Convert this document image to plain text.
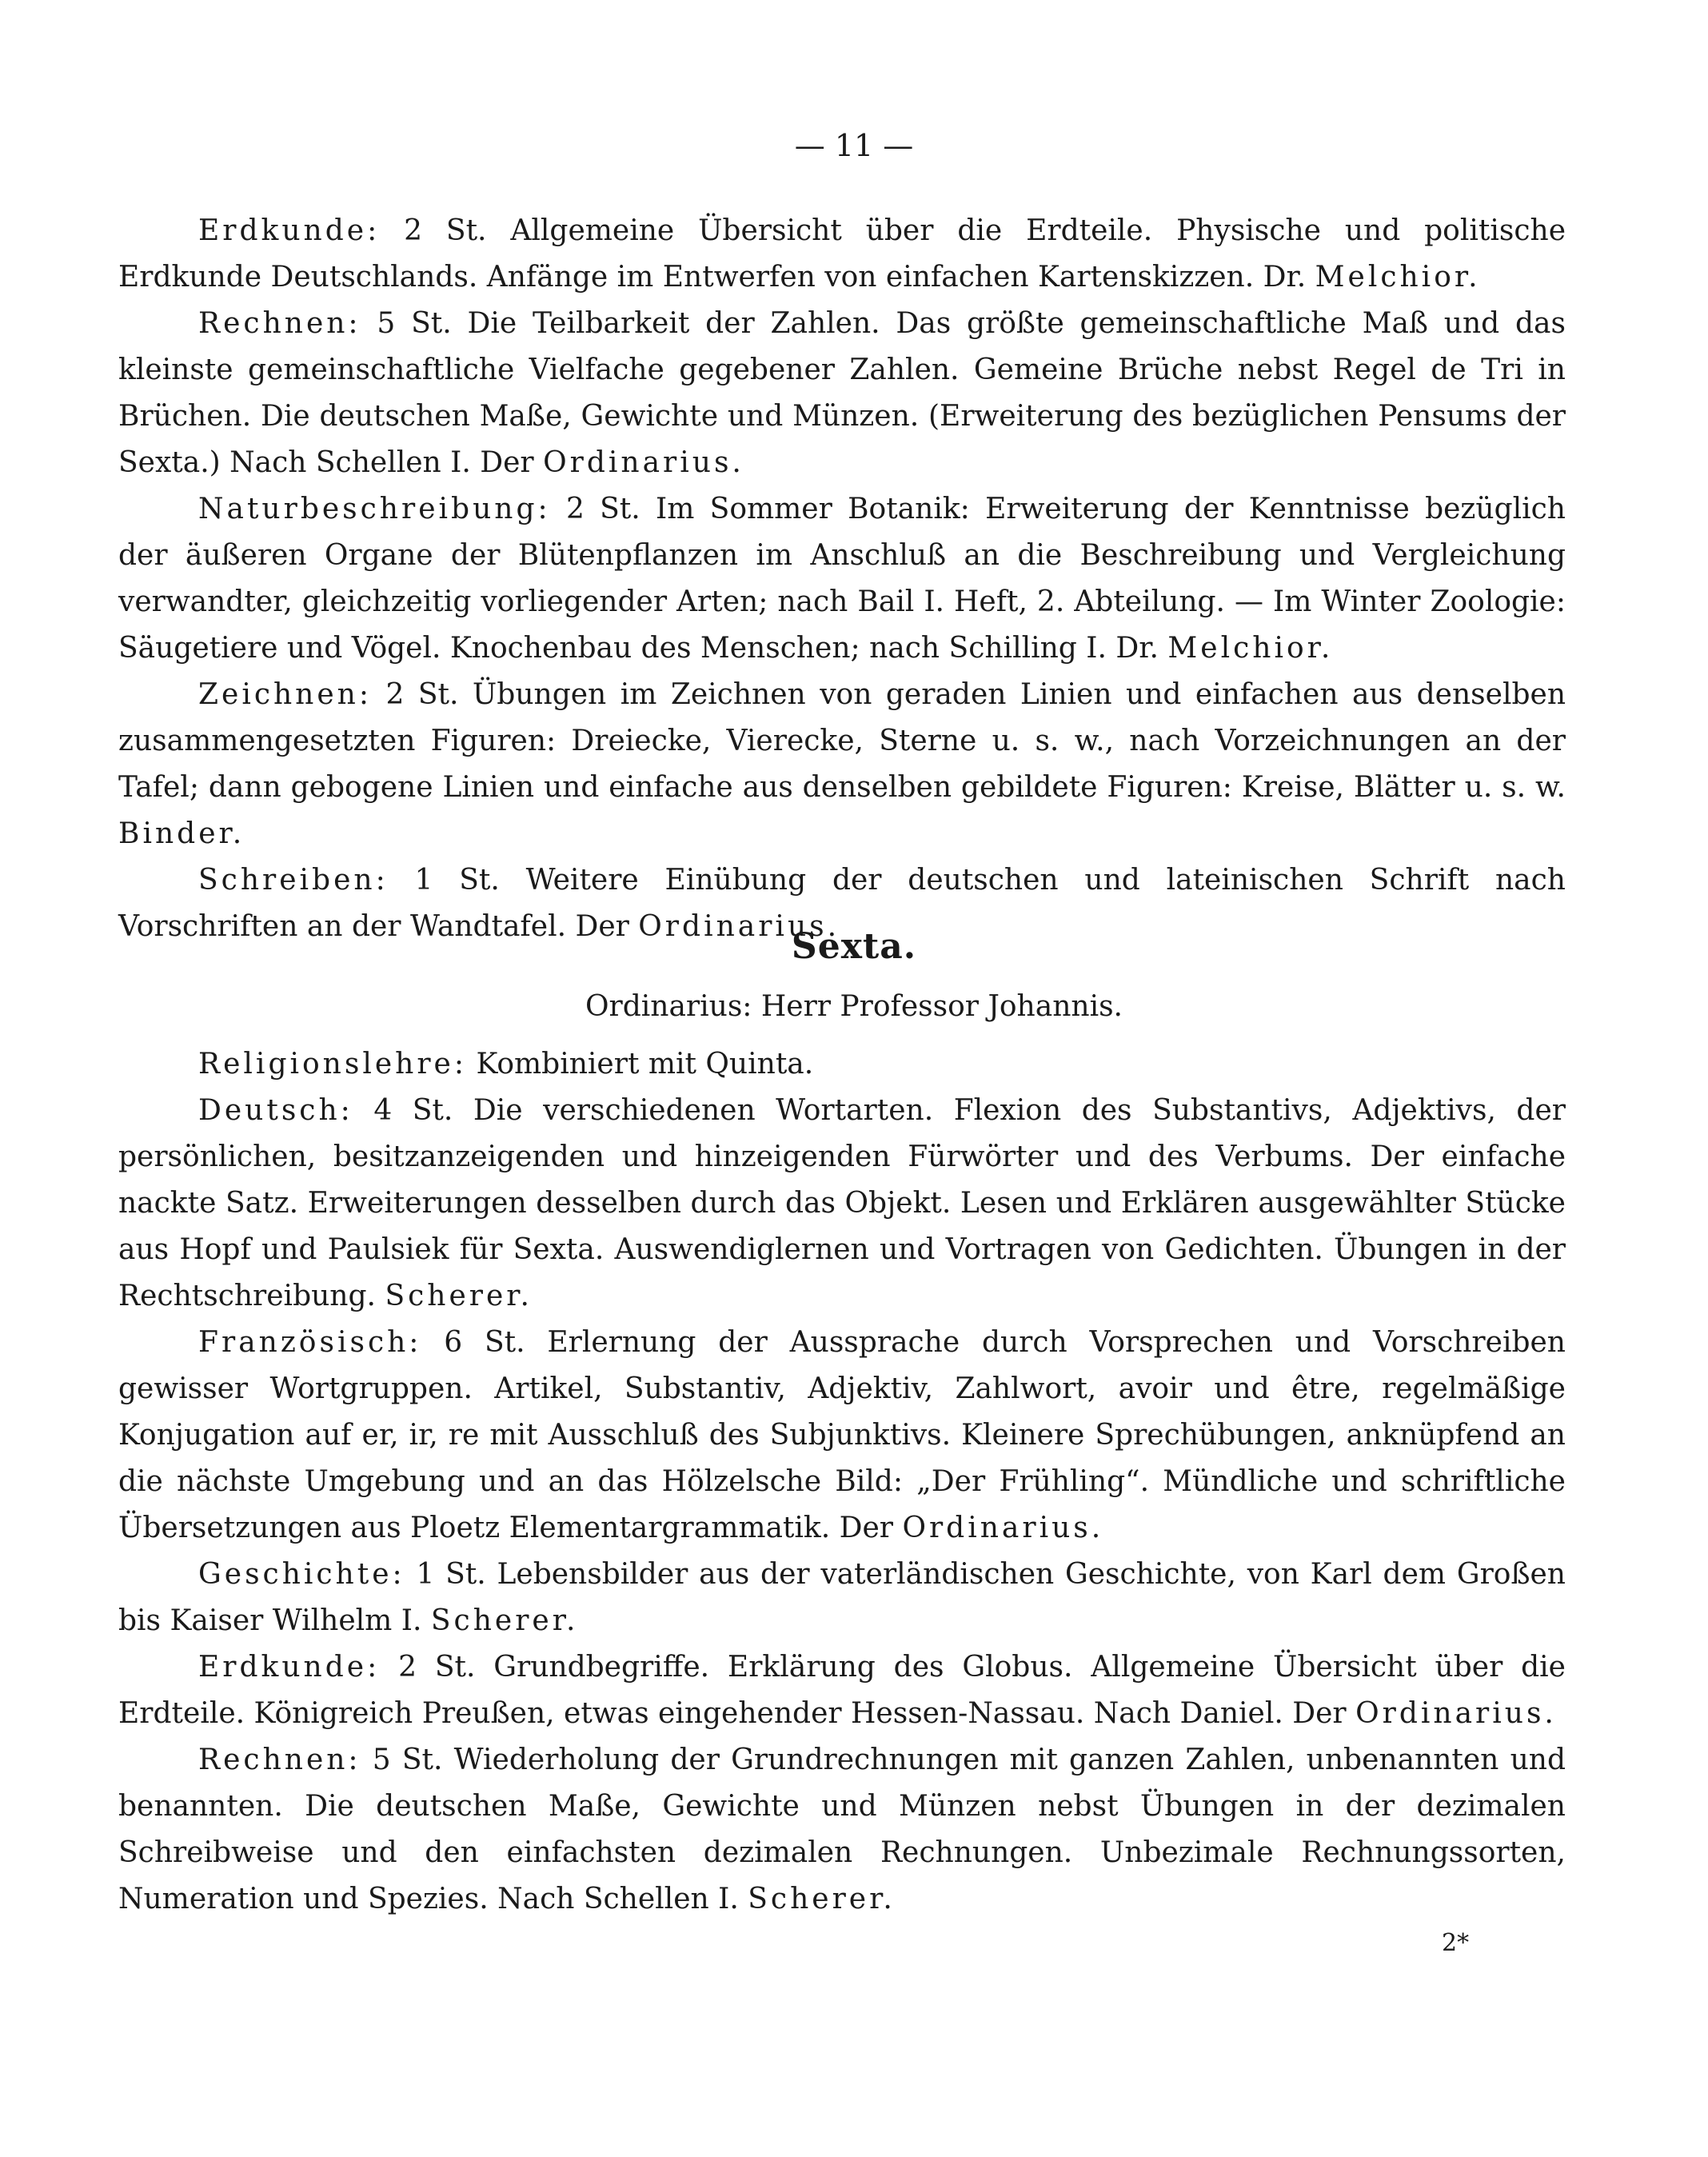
— 11 —

Erdkunde: 2 St. Allgemeine Übersicht über die Erdteile. Physische und politische Erdkunde Deutschlands. Anfänge im Entwerfen von einfachen Kartenskizzen. Dr. Melchior.

Rechnen: 5 St. Die Teilbarkeit der Zahlen. Das größte gemeinschaftliche Maß und das kleinste gemeinschaftliche Vielfache gegebener Zahlen. Gemeine Brüche nebst Regel de Tri in Brüchen. Die deutschen Maße, Gewichte und Münzen. (Erweiterung des bezüglichen Pensums der Sexta.) Nach Schellen I. Der Ordinarius.

Naturbeschreibung: 2 St. Im Sommer Botanik: Erweiterung der Kenntnisse bezüglich der äußeren Organe der Blütenpflanzen im Anschluß an die Beschreibung und Vergleichung verwandter, gleichzeitig vorliegender Arten; nach Bail I. Heft, 2. Abteilung. — Im Winter Zoologie: Säugetiere und Vögel. Knochenbau des Menschen; nach Schilling I. Dr. Melchior.

Zeichnen: 2 St. Übungen im Zeichnen von geraden Linien und einfachen aus denselben zusammengesetzten Figuren: Dreiecke, Vierecke, Sterne u. s. w., nach Vorzeichnungen an der Tafel; dann gebogene Linien und einfache aus denselben gebildete Figuren: Kreise, Blätter u. s. w. Binder.

Schreiben: 1 St. Weitere Einübung der deutschen und lateinischen Schrift nach Vorschriften an der Wandtafel. Der Ordinarius.

Sexta.
Ordinarius: Herr Professor Johannis.

Religionslehre: Kombiniert mit Quinta.

Deutsch: 4 St. Die verschiedenen Wortarten. Flexion des Substantivs, Adjektivs, der persönlichen, besitzanzeigenden und hinzeigenden Fürwörter und des Verbums. Der einfache nackte Satz. Erweiterungen desselben durch das Objekt. Lesen und Erklären ausgewählter Stücke aus Hopf und Paulsiek für Sexta. Auswendiglernen und Vortragen von Gedichten. Übungen in der Rechtschreibung. Scherer.

Französisch: 6 St. Erlernung der Aussprache durch Vorsprechen und Vorschreiben gewisser Wortgruppen. Artikel, Substantiv, Adjektiv, Zahlwort, avoir und être, regelmäßige Konjugation auf er, ir, re mit Ausschluß des Subjunktivs. Kleinere Sprechübungen, anknüpfend an die nächste Umgebung und an das Hölzelsche Bild: „Der Frühling“. Mündliche und schriftliche Übersetzungen aus Ploetz Elementargrammatik. Der Ordinarius.

Geschichte: 1 St. Lebensbilder aus der vaterländischen Geschichte, von Karl dem Großen bis Kaiser Wilhelm I. Scherer.

Erdkunde: 2 St. Grundbegriffe. Erklärung des Globus. Allgemeine Übersicht über die Erdteile. Königreich Preußen, etwas eingehender Hessen-Nassau. Nach Daniel. Der Ordinarius.

Rechnen: 5 St. Wiederholung der Grundrechnungen mit ganzen Zahlen, unbenannten und benannten. Die deutschen Maße, Gewichte und Münzen nebst Übungen in der dezimalen Schreibweise und den einfachsten dezimalen Rechnungen. Unbezimale Rechnungssorten, Numeration und Spezies. Nach Schellen I. Scherer.

2*
